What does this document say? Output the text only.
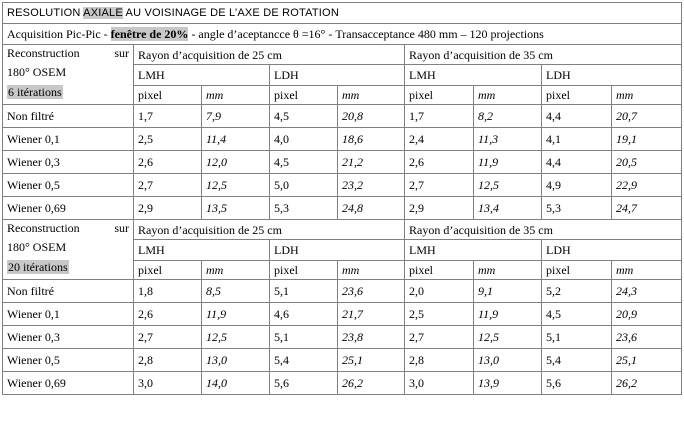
RESOLUTION AXIALE AU VOISINAGE DE L’AXE DE ROTATION								
Acquisition Pic-Pic - fenêtre de 20% - angle d’aceptancce θ =16° - Transacceptance 480 mm – 120 projections								

Reconstruction sur
180° OSEM
6 itérations	Rayon d’acquisition de 25 cm				Rayon d’acquisition de 35 cm			
	LMH		LDH		LMH		LDH	
	pixel	mm	pixel	mm	pixel	mm	pixel	mm
Non filtré	1,7	7,9	4,5	20,8	1,7	8,2	4,4	20,7
Wiener 0,1	2,5	11,4	4,0	18,6	2,4	11,3	4,1	19,1
Wiener 0,3	2,6	12,0	4,5	21,2	2,6	11,9	4,4	20,5
Wiener 0,5	2,7	12,5	5,0	23,2	2,7	12,5	4,9	22,9
Wiener 0,69	2,9	13,5	5,3	24,8	2,9	13,4	5,3	24,7

Reconstruction sur
180° OSEM
20 itérations	Rayon d’acquisition de 25 cm				Rayon d’acquisition de 35 cm			
	LMH		LDH		LMH		LDH	
	pixel	mm	pixel	mm	pixel	mm	pixel	mm
Non filtré	1,8	8,5	5,1	23,6	2,0	9,1	5,2	24,3
Wiener 0,1	2,6	11,9	4,6	21,7	2,5	11,9	4,5	20,9
Wiener 0,3	2,7	12,5	5,1	23,8	2,7	12,5	5,1	23,6
Wiener 0,5	2,8	13,0	5,4	25,1	2,8	13,0	5,4	25,1
Wiener 0,69	3,0	14,0	5,6	26,2	3,0	13,9	5,6	26,2
